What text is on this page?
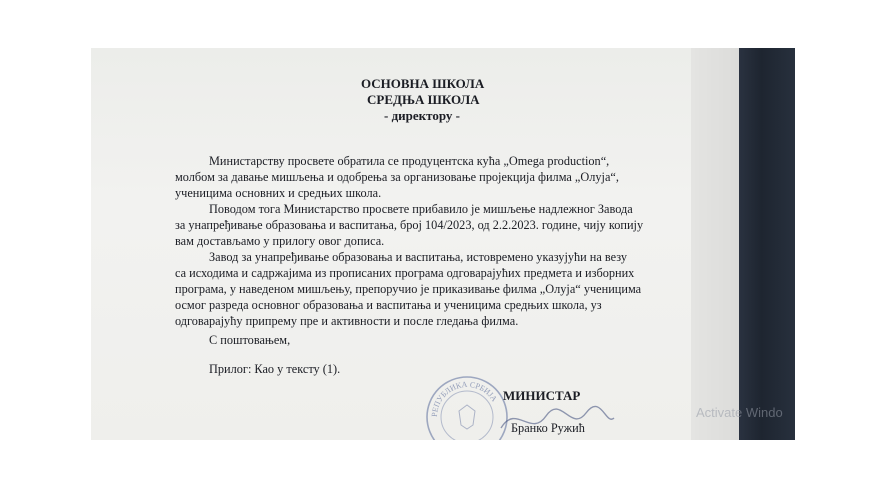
ОСНОВНА ШКОЛА
СРЕДЊА ШКОЛА
- директору -
Министарству просвете обратила се продуцентска кућа „Omega production“,
молбом за давање мишљења и одобрења за организовање пројекција филма „Олуја“,
ученицима основних и средњих школа.
Поводом тога Министарство просвете прибавило је мишљење надлежног Завода
за унапређивање образовања и васпитања, број 104/2023, од 2.2.2023. године, чију копију
вам достављамо у прилогу овог дописа.
Завод за унапређивање образовања и васпитања, истовремено указујући на везу
са исходима и садржајима из прописаних програма одговарајућих предмета и изборних
програма, у наведеном мишљењу, препоручио је приказивање филма „Олуја“ ученицима
осмог разреда основног образовања и васпитања и ученицима средњих школа, уз
одговарајућу припрему пре и активности и после гледања филма.
С поштовањем,
Прилог: Као у тексту (1).
РЕПУБЛИКА СРБИЈА МИНИСТАР
Бранко Ружић
Activate Windo
